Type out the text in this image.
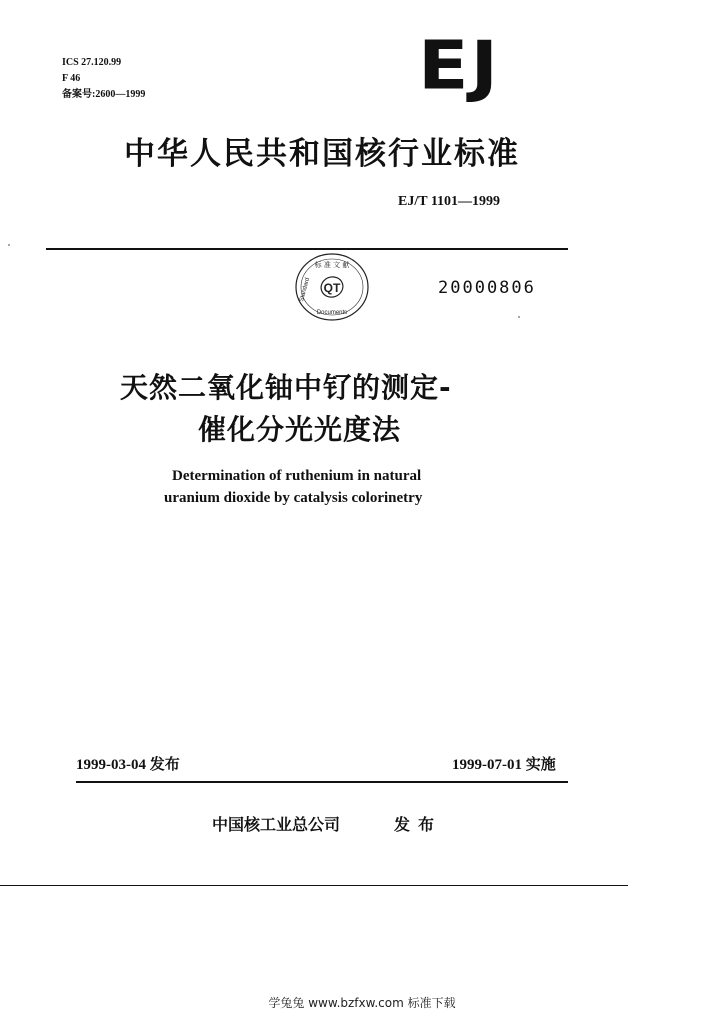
ICS 27.120.99
F 46
备案号:2600—1999	EJ
中华人民共和国核行业标准
EJ/T 1101—1999
QT
标 准 文 献
Standard
Documents
20000806
天然二氧化铀中钌的测定-
催化分光光度法
Determination of ruthenium in natural
uranium dioxide by catalysis colorinetry
1999-03-04 发布	1999-07-01 实施
中国核工业总公司	发布
学兔兔 www.bzfxw.com 标准下载
